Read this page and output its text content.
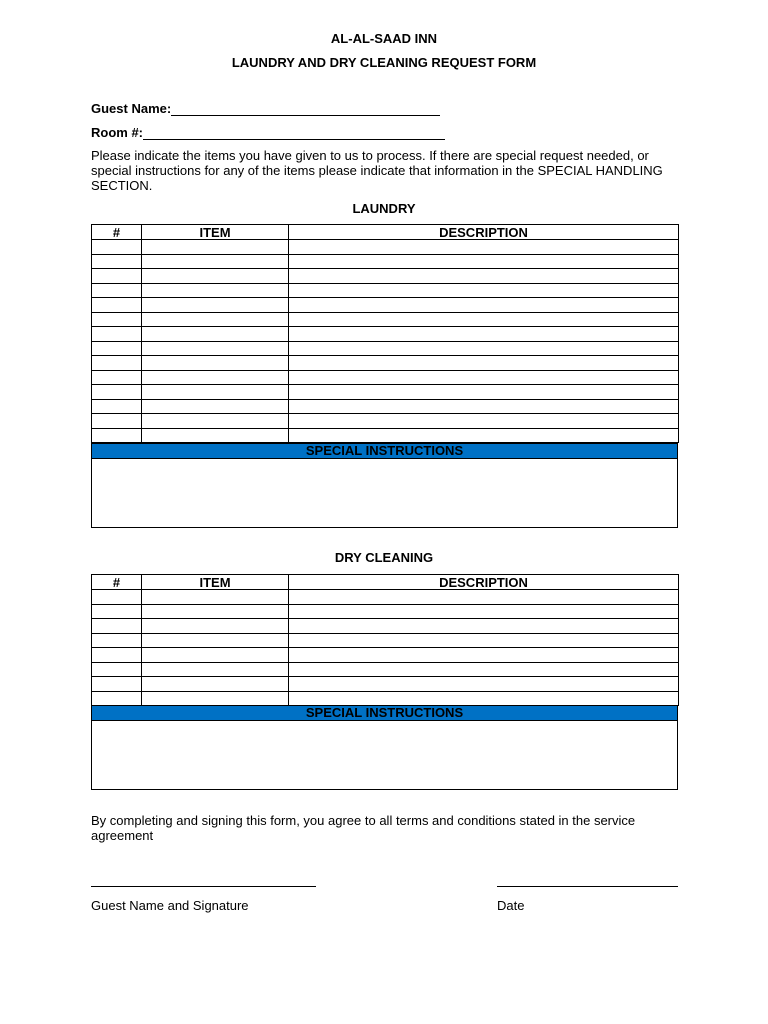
AL-AL-SAAD INN
LAUNDRY AND DRY CLEANING REQUEST FORM
Guest Name:
Room #:
Please indicate the items you have given to us to process. If there are special request needed, or special instructions for any of the items please indicate that information in the SPECIAL HANDLING SECTION.
LAUNDRY
#	ITEM	DESCRIPTION

SPECIAL INSTRUCTIONS
DRY CLEANING
#	ITEM	DESCRIPTION

SPECIAL INSTRUCTIONS
By completing and signing this form, you agree to all terms and conditions stated in the service agreement
Guest Name and Signature	Date
